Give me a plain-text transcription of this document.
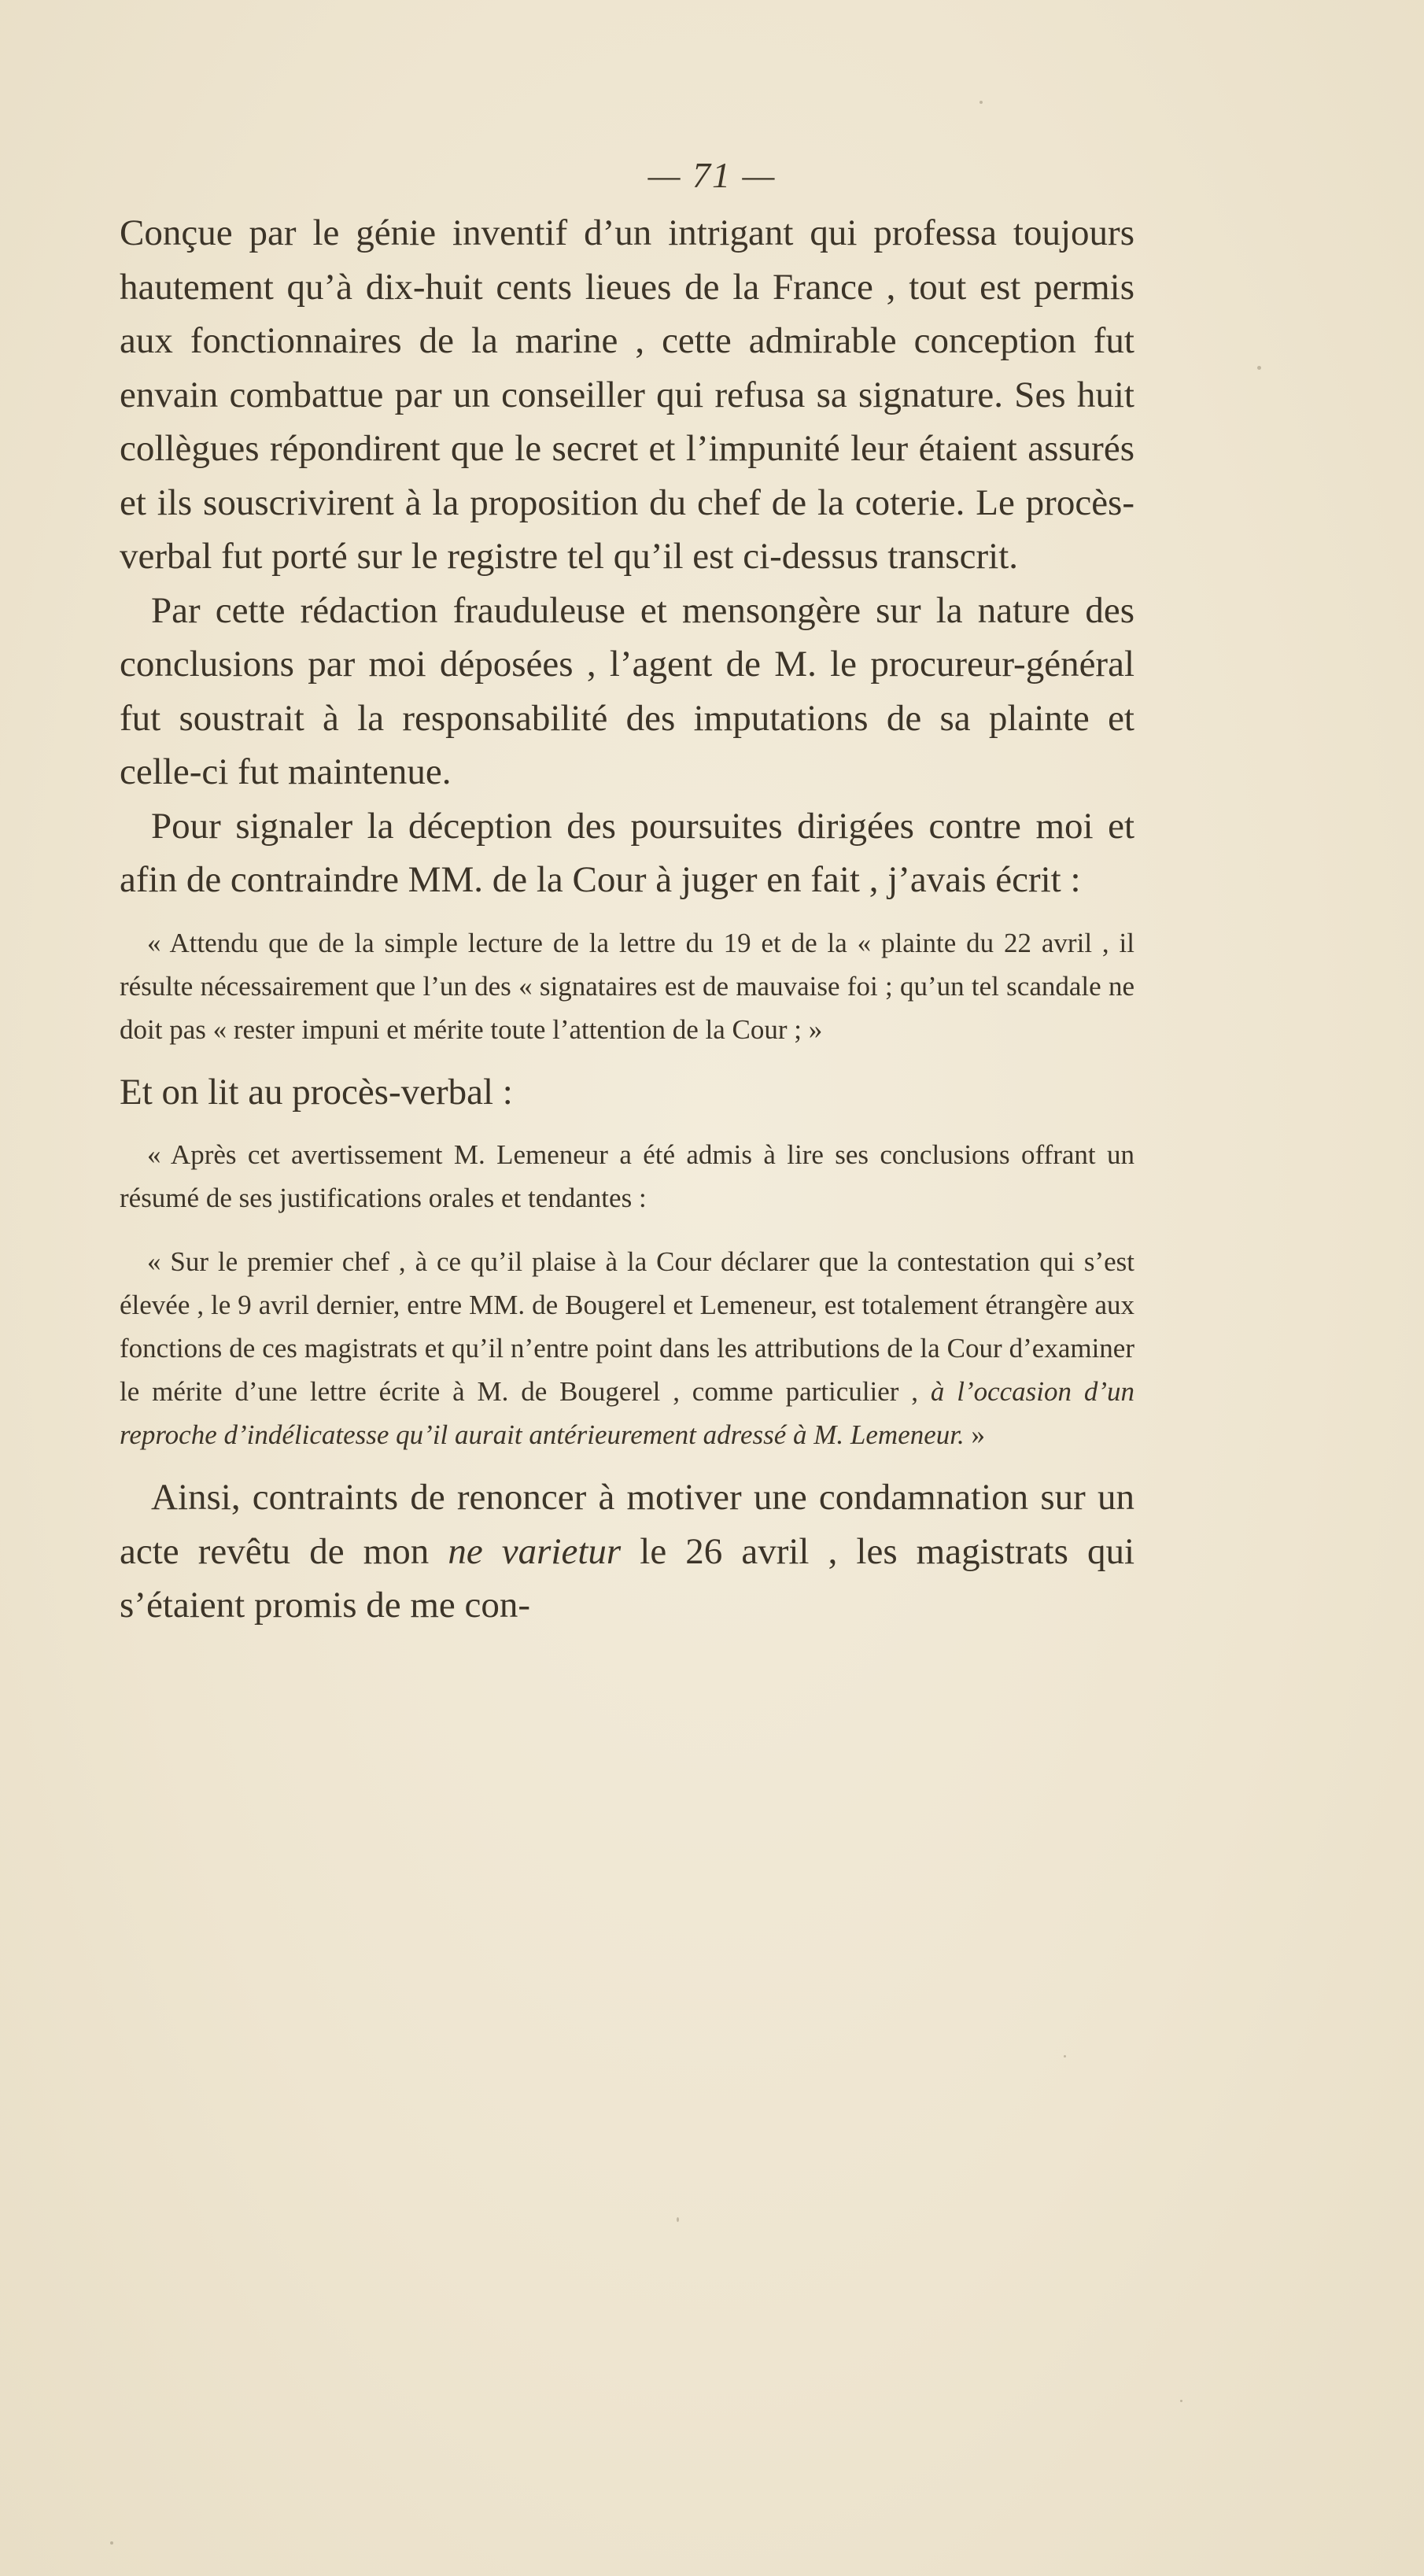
— 71 —

Conçue par le génie inventif d’un intrigant qui professa toujours hautement qu’à dix-huit cents lieues de la France , tout est permis aux fonctionnaires de la marine , cette admirable conception fut envain combattue par un conseiller qui refusa sa signature. Ses huit collègues répondirent que le secret et l’impunité leur étaient assurés et ils souscrivirent à la proposition du chef de la coterie. Le procès-verbal fut porté sur le registre tel qu’il est ci-dessus transcrit.

Par cette rédaction frauduleuse et mensongère sur la nature des conclusions par moi déposées , l’agent de M. le procureur-général fut soustrait à la responsabilité des imputations de sa plainte et celle-ci fut maintenue.

Pour signaler la déception des poursuites dirigées contre moi et afin de contraindre MM. de la Cour à juger en fait , j’avais écrit :

« Attendu que de la simple lecture de la lettre du 19 et de la « plainte du 22 avril , il résulte nécessairement que l’un des « signataires est de mauvaise foi ; qu’un tel scandale ne doit pas « rester impuni et mérite toute l’attention de la Cour ; »

Et on lit au procès-verbal :

« Après cet avertissement M. Lemeneur a été admis à lire ses conclusions offrant un résumé de ses justifications orales et tendantes :

« Sur le premier chef , à ce qu’il plaise à la Cour déclarer que la contestation qui s’est élevée , le 9 avril dernier, entre MM. de Bougerel et Lemeneur, est totalement étrangère aux fonctions de ces magistrats et qu’il n’entre point dans les attributions de la Cour d’examiner le mérite d’une lettre écrite à M. de Bougerel , comme particulier , à l’occasion d’un reproche d’indélicatesse qu’il aurait antérieurement adressé à M. Lemeneur. »

Ainsi, contraints de renoncer à motiver une condamnation sur un acte revêtu de mon ne varietur le 26 avril , les magistrats qui s’étaient promis de me con-
